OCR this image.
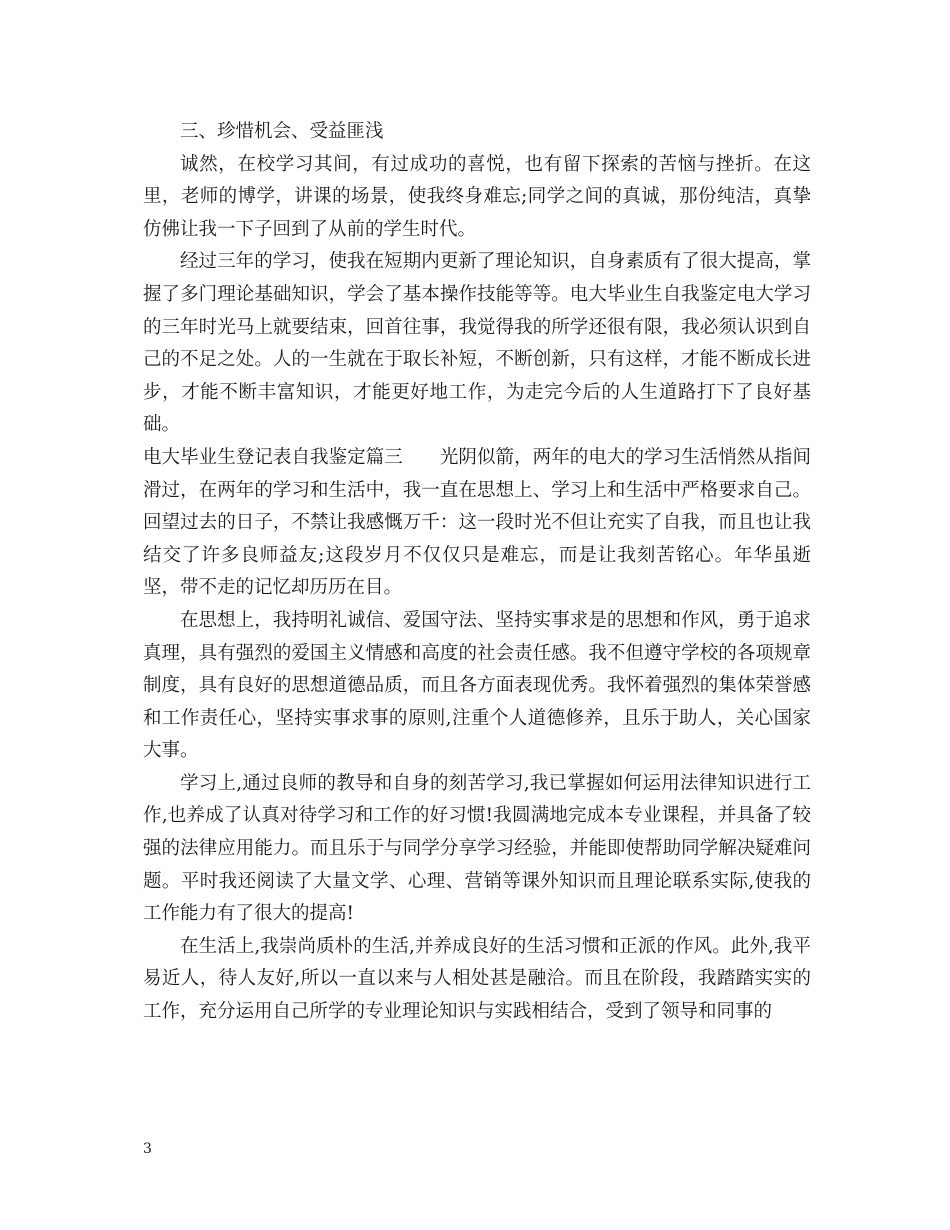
三、珍惜机会、受益匪浅

诚然，在校学习其间，有过成功的喜悦，也有留下探索的苦恼与挫折。在这里，老师的博学，讲课的场景，使我终身难忘;同学之间的真诚，那份纯洁，真挚仿佛让我一下子回到了从前的学生时代。

经过三年的学习，使我在短期内更新了理论知识，自身素质有了很大提高，掌握了多门理论基础知识，学会了基本操作技能等等。电大毕业生自我鉴定电大学习的三年时光马上就要结束，回首往事，我觉得我的所学还很有限，我必须认识到自己的不足之处。人的一生就在于取长补短，不断创新，只有这样，才能不断成长进步，才能不断丰富知识，才能更好地工作，为走完今后的人生道路打下了良好基础。

电大毕业生登记表自我鉴定篇三 光阴似箭，两年的电大的学习生活悄然从指间滑过，在两年的学习和生活中，我一直在思想上、学习上和生活中严格要求自己。回望过去的日子，不禁让我感慨万千：这一段时光不但让充实了自我，而且也让我结交了许多良师益友;这段岁月不仅仅只是难忘，而是让我刻苦铭心。年华虽逝坚，带不走的记忆却历历在目。

在思想上，我持明礼诚信、爱国守法、坚持实事求是的思想和作风，勇于追求真理，具有强烈的爱国主义情感和高度的社会责任感。我不但遵守学校的各项规章制度，具有良好的思想道德品质，而且各方面表现优秀。我怀着强烈的集体荣誉感和工作责任心，坚持实事求事的原则,注重个人道德修养，且乐于助人，关心国家大事。

学习上,通过良师的教导和自身的刻苦学习,我已掌握如何运用法律知识进行工作,也养成了认真对待学习和工作的好习惯!我圆满地完成本专业课程，并具备了较强的法律应用能力。而且乐于与同学分享学习经验，并能即使帮助同学解决疑难问题。平时我还阅读了大量文学、心理、营销等课外知识而且理论联系实际,使我的工作能力有了很大的提高!

在生活上,我崇尚质朴的生活,并养成良好的生活习惯和正派的作风。此外,我平易近人，待人友好,所以一直以来与人相处甚是融洽。而且在阶段，我踏踏实实的工作，充分运用自己所学的专业理论知识与实践相结合，受到了领导和同事的

3
